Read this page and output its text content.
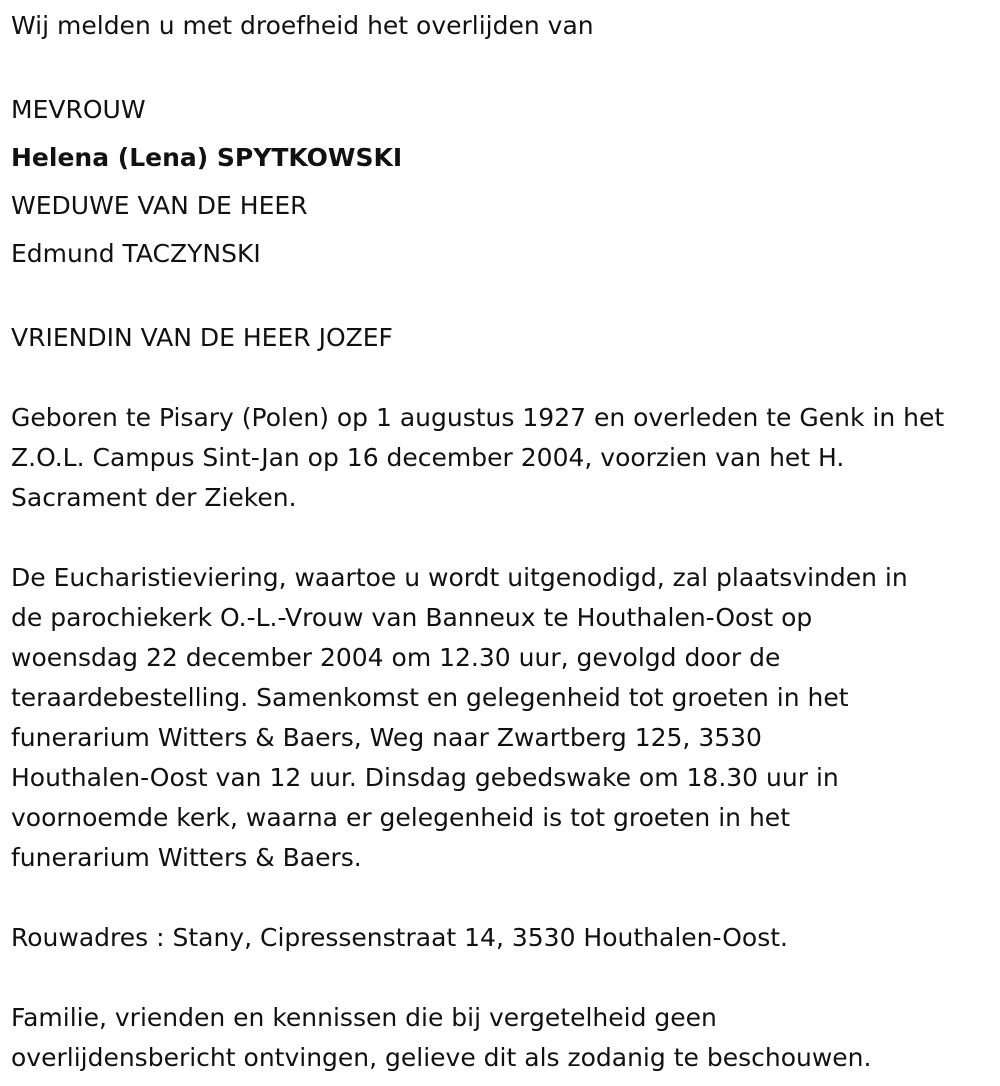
Wij melden u met droefheid het overlijden van

MEVROUW

Helena (Lena) SPYTKOWSKI

WEDUWE VAN DE HEER

Edmund TACZYNSKI

VRIENDIN VAN DE HEER JOZEF

Geboren te Pisary (Polen) op 1 augustus 1927 en overleden te Genk in het
Z.O.L. Campus Sint-Jan op 16 december 2004, voorzien van het H.
Sacrament der Zieken.
De Eucharistieviering, waartoe u wordt uitgenodigd, zal plaatsvinden in
de parochiekerk O.-L.-Vrouw van Banneux te Houthalen-Oost op
woensdag 22 december 2004 om 12.30 uur, gevolgd door de
teraardebestelling. Samenkomst en gelegenheid tot groeten in het
funerarium Witters & Baers, Weg naar Zwartberg 125, 3530
Houthalen-Oost van 12 uur. Dinsdag gebedswake om 18.30 uur in
voornoemde kerk, waarna er gelegenheid is tot groeten in het
funerarium Witters & Baers.

Rouwadres : Stany, Cipressenstraat 14, 3530 Houthalen-Oost.

Familie, vrienden en kennissen die bij vergetelheid geen
overlijdensbericht ontvingen, gelieve dit als zodanig te beschouwen.
